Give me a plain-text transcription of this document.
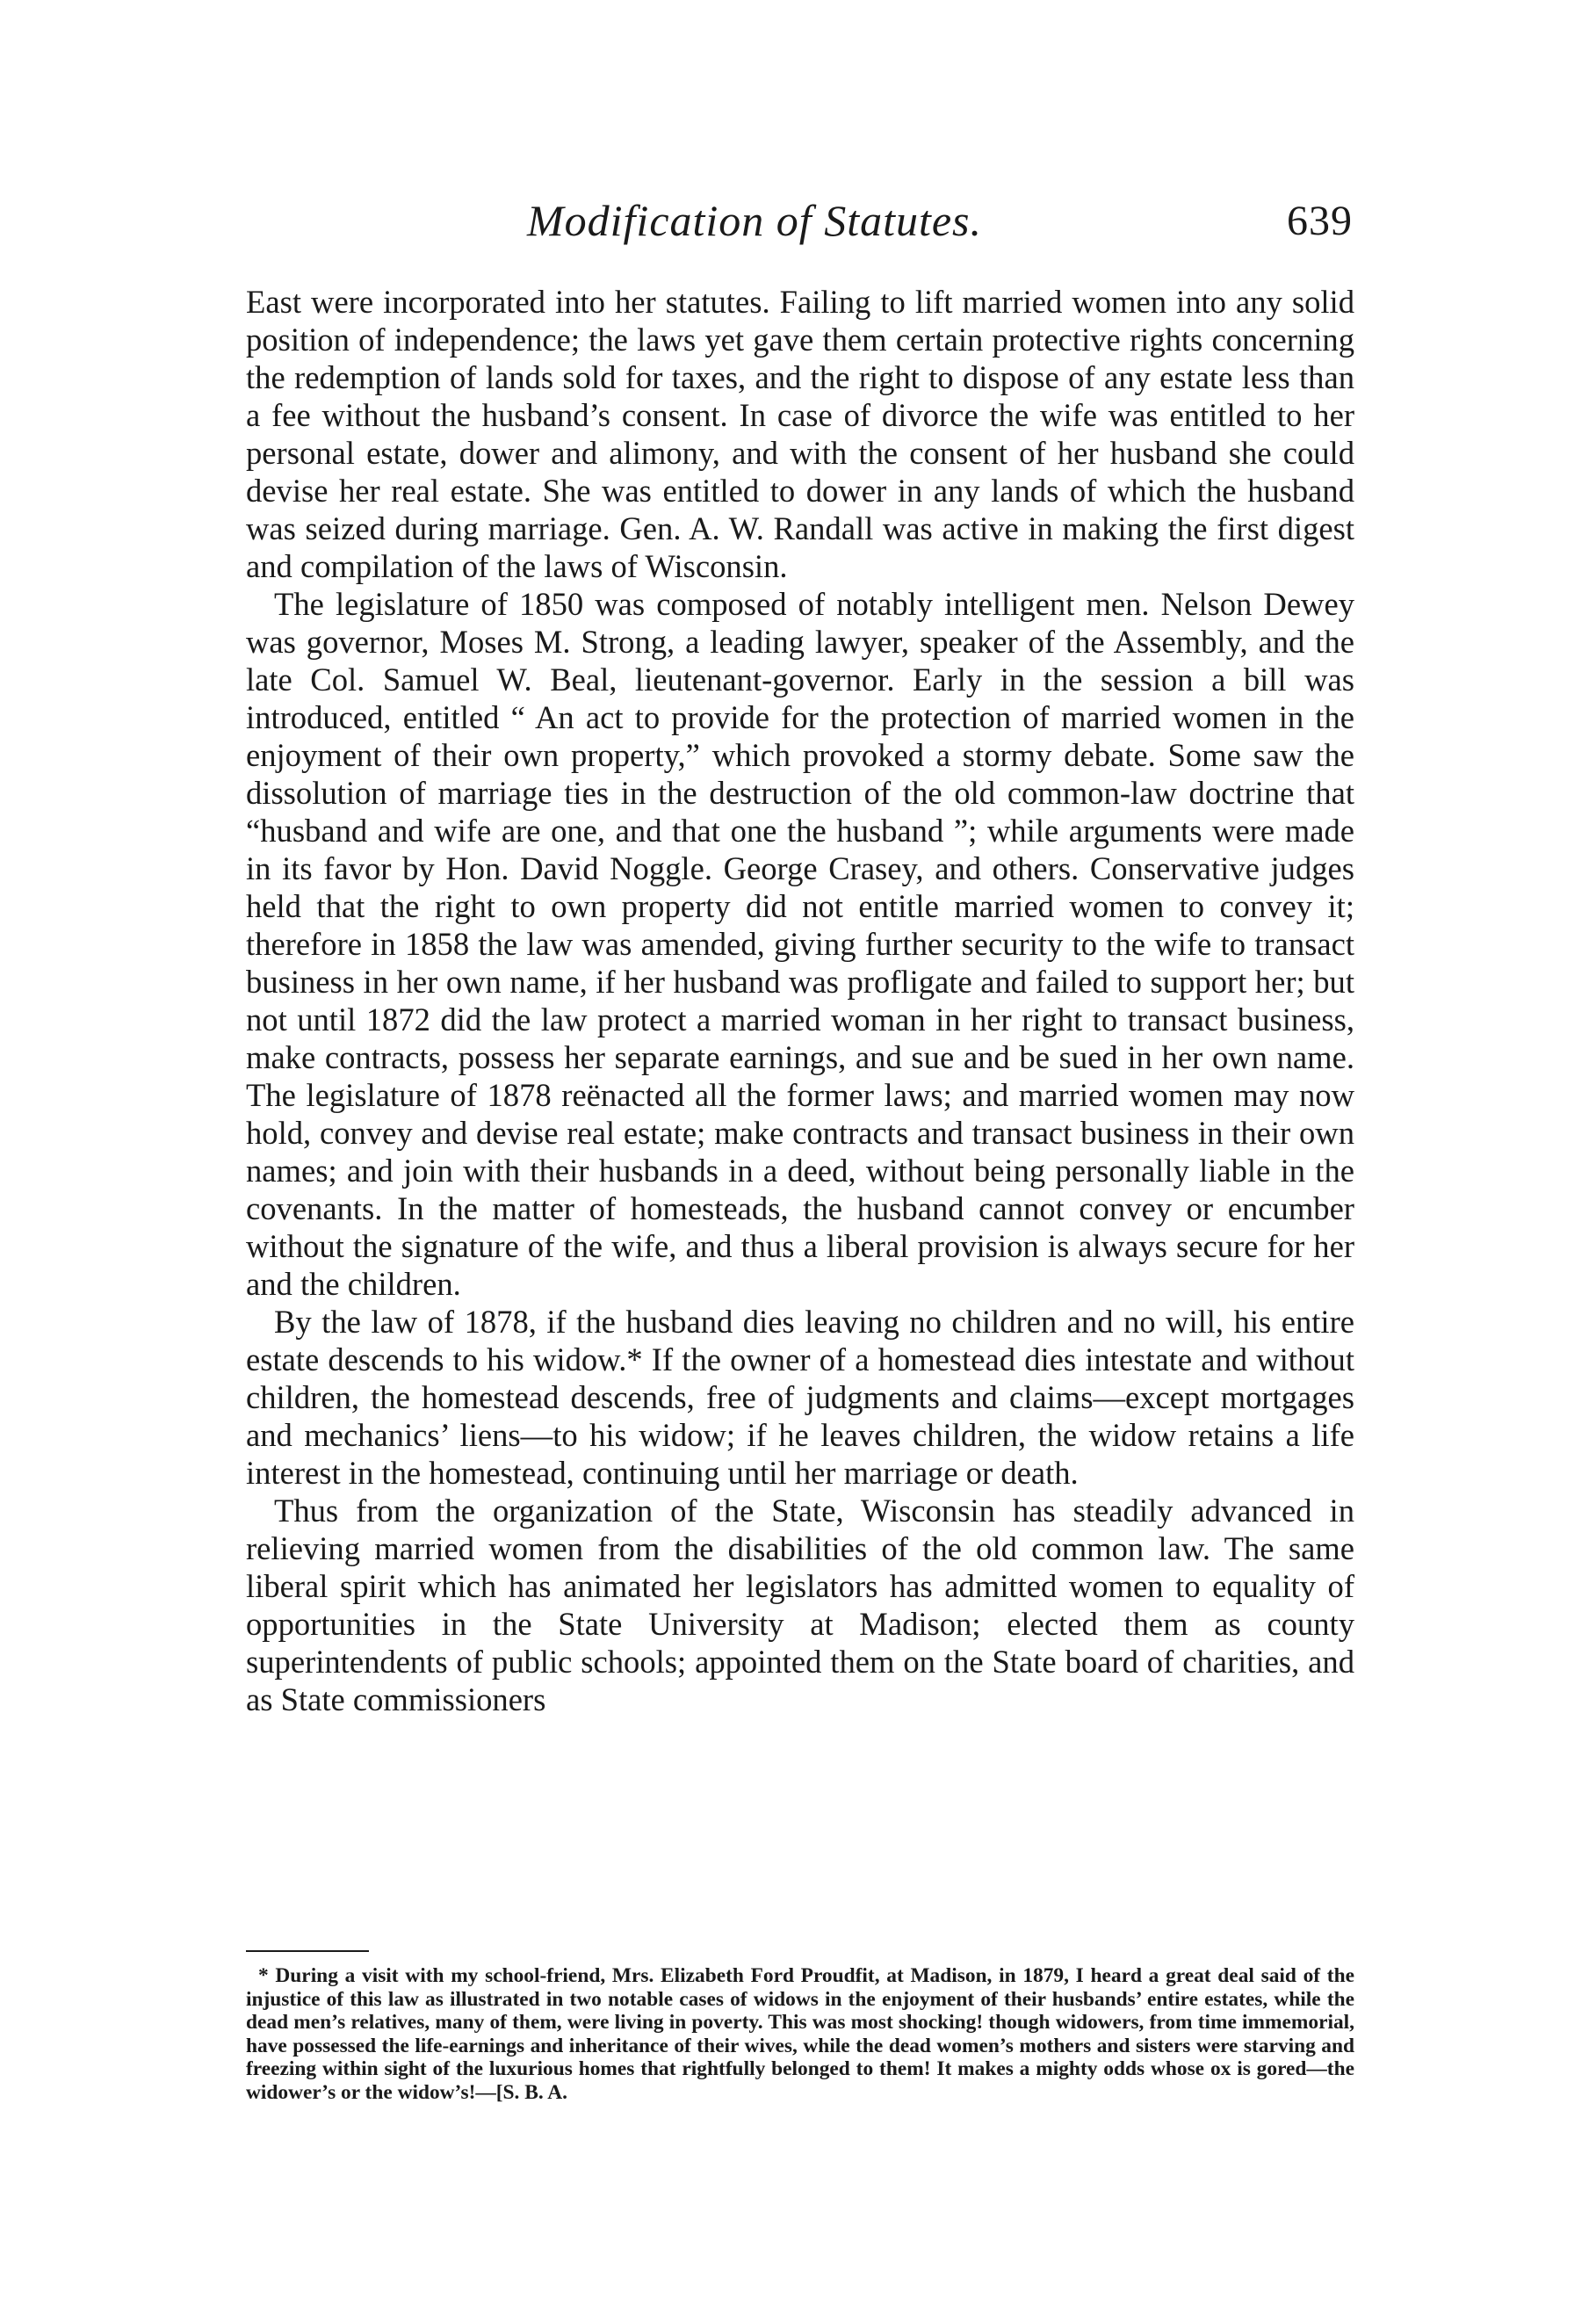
Modification of Statutes.	639

East were incorporated into her statutes. Failing to lift married women into any solid position of independence; the laws yet gave them certain protective rights concerning the redemption of lands sold for taxes, and the right to dispose of any estate less than a fee without the husband’s consent. In case of divorce the wife was entitled to her personal estate, dower and alimony, and with the consent of her husband she could devise her real estate. She was entitled to dower in any lands of which the husband was seized during marriage. Gen. A. W. Randall was active in making the first digest and compilation of the laws of Wisconsin.

The legislature of 1850 was composed of notably intelligent men. Nelson Dewey was governor, Moses M. Strong, a leading lawyer, speaker of the Assembly, and the late Col. Samuel W. Beal, lieutenant-governor. Early in the session a bill was introduced, entitled “ An act to provide for the protection of married women in the enjoyment of their own property,” which provoked a stormy debate. Some saw the dissolution of marriage ties in the destruction of the old common-law doctrine that “husband and wife are one, and that one the husband ”; while arguments were made in its favor by Hon. David Noggle. George Crasey, and others. Conservative judges held that the right to own property did not entitle married women to convey it; therefore in 1858 the law was amended, giving further security to the wife to transact business in her own name, if her husband was profligate and failed to support her; but not until 1872 did the law protect a married woman in her right to transact business, make contracts, possess her separate earnings, and sue and be sued in her own name. The legislature of 1878 reënacted all the former laws; and married women may now hold, convey and devise real estate; make contracts and transact business in their own names; and join with their husbands in a deed, without being personally liable in the covenants. In the matter of homesteads, the husband cannot convey or encumber without the signature of the wife, and thus a liberal provision is always secure for her and the children.

By the law of 1878, if the husband dies leaving no children and no will, his entire estate descends to his widow.* If the owner of a homestead dies intestate and without children, the homestead descends, free of judgments and claims—except mortgages and mechanics’ liens—to his widow; if he leaves children, the widow retains a life interest in the homestead, continuing until her marriage or death.

Thus from the organization of the State, Wisconsin has steadily advanced in relieving married women from the disabilities of the old common law. The same liberal spirit which has animated her legislators has admitted women to equality of opportunities in the State University at Madison; elected them as county superintendents of public schools; appointed them on the State board of charities, and as State commissioners

* During a visit with my school-friend, Mrs. Elizabeth Ford Proudfit, at Madison, in 1879, I heard a great deal said of the injustice of this law as illustrated in two notable cases of widows in the enjoyment of their husbands’ entire estates, while the dead men’s relatives, many of them, were living in poverty. This was most shocking! though widowers, from time immemorial, have possessed the life-earnings and inheritance of their wives, while the dead women’s mothers and sisters were starving and freezing within sight of the luxurious homes that rightfully belonged to them! It makes a mighty odds whose ox is gored—the widower’s or the widow’s!—[S. B. A.
